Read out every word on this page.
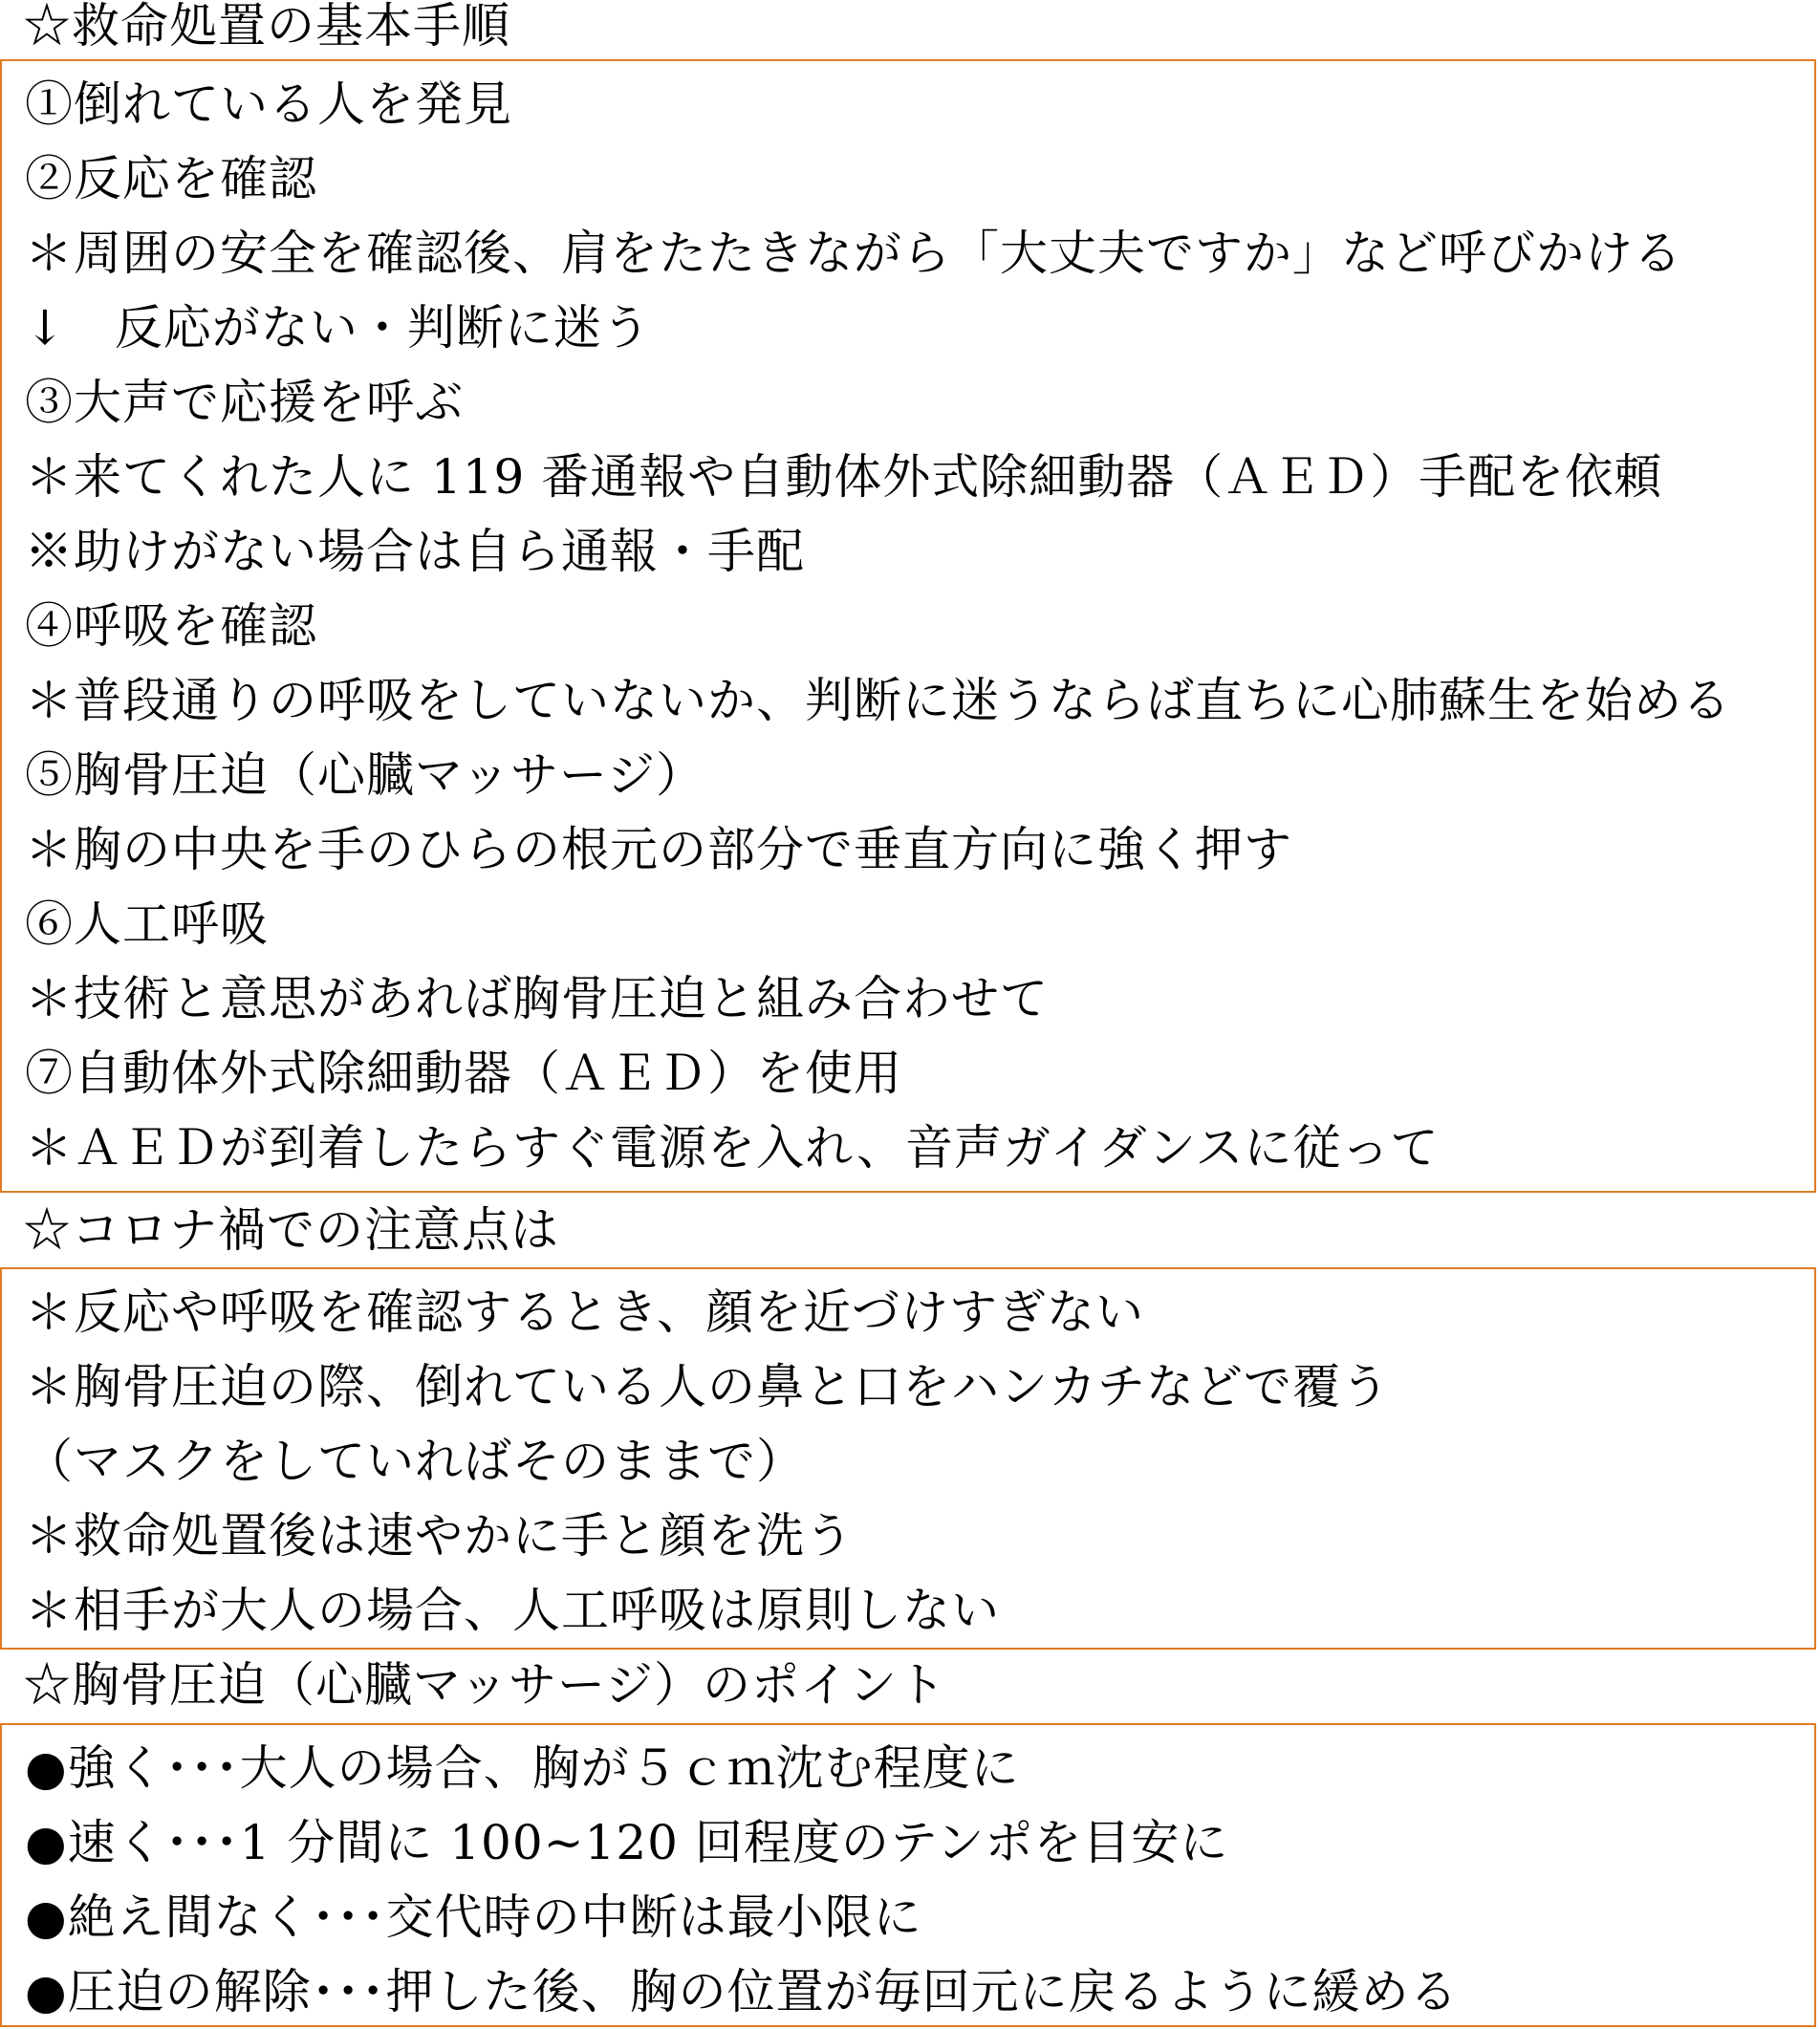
☆救命処置の基本手順
①倒れている人を発見
②反応を確認
＊周囲の安全を確認後、肩をたたきながら「大丈夫ですか」など呼びかける
↓　反応がない・判断に迷う
③大声で応援を呼ぶ
＊来てくれた人に 119 番通報や自動体外式除細動器（ＡＥＤ）手配を依頼
※助けがない場合は自ら通報・手配
④呼吸を確認
＊普段通りの呼吸をしていないか、判断に迷うならば直ちに心肺蘇生を始める
⑤胸骨圧迫（心臓マッサージ）
＊胸の中央を手のひらの根元の部分で垂直方向に強く押す
⑥人工呼吸
＊技術と意思があれば胸骨圧迫と組み合わせて
⑦自動体外式除細動器（ＡＥＤ）を使用
＊ＡＥＤが到着したらすぐ電源を入れ、音声ガイダンスに従って
☆コロナ禍での注意点は
＊反応や呼吸を確認するとき、顔を近づけすぎない
＊胸骨圧迫の際、倒れている人の鼻と口をハンカチなどで覆う
（マスクをしていればそのままで）
＊救命処置後は速やかに手と顔を洗う
＊相手が大人の場合、人工呼吸は原則しない
☆胸骨圧迫（心臓マッサージ）のポイント
●強く･･･大人の場合、胸が５ｃｍ沈む程度に
●速く･･･1 分間に 100~120 回程度のテンポを目安に
●絶え間なく･･･交代時の中断は最小限に
●圧迫の解除･･･押した後、胸の位置が毎回元に戻るように緩める
